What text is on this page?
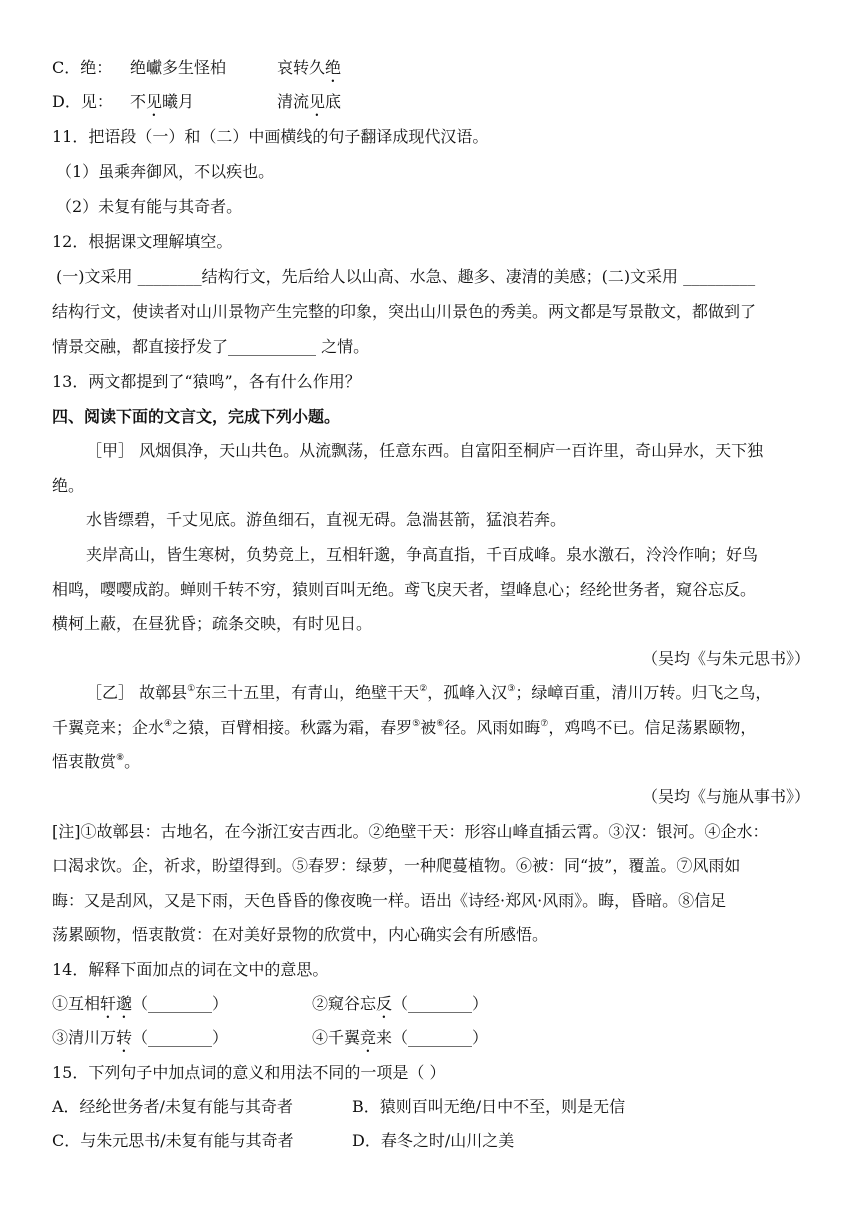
C．绝： 绝巘多生怪柏	哀转久绝
D．见： 不见曦月	清流见底
11．把语段（一）和（二）中画横线的句子翻译成现代汉语。
（1）虽乘奔御风，不以疾也。
（2）未复有能与其奇者。
12．根据课文理解填空。
(一)文采用 ________结构行文，先后给人以山高、水急、趣多、凄清的美感；(二)文采用 _________
结构行文，使读者对山川景物产生完整的印象，突出山川景色的秀美。两文都是写景散文，都做到了
情景交融，都直接抒发了___________ 之情。
13．两文都提到了“猿鸣”，各有什么作用？
四、阅读下面的文言文，完成下列小题。
［甲］ 风烟俱净，天山共色。从流飘荡，任意东西。自富阳至桐庐一百许里，奇山异水，天下独
绝。
水皆缥碧，千丈见底。游鱼细石，直视无碍。急湍甚箭，猛浪若奔。
夹岸高山，皆生寒树，负势竞上，互相轩邈，争高直指，千百成峰。泉水激石，泠泠作响；好鸟
相鸣，嘤嘤成韵。蝉则千转不穷，猿则百叫无绝。鸢飞戾天者，望峰息心；经纶世务者，窥谷忘反。
横柯上蔽，在昼犹昏；疏条交映，有时见日。
（吴均《与朱元思书》）
［乙］ 故鄣县①东三十五里，有青山，绝壁干天②，孤峰入汉③；绿嶂百重，清川万转。归飞之鸟，
千翼竞来；企水④之猿，百臂相接。秋露为霜，春罗⑤被⑥径。风雨如晦⑦，鸡鸣不已。信足荡累颐物，
悟衷散赏⑧。
（吴均《与施从事书》）
[注]①故鄣县：古地名，在今浙江安吉西北。②绝壁干天：形容山峰直插云霄。③汉：银河。④企水：
口渴求饮。企，祈求，盼望得到。⑤春罗：绿萝，一种爬蔓植物。⑥被：同“披”，覆盖。⑦风雨如
晦：又是刮风，又是下雨，天色昏昏的像夜晚一样。语出《诗经·郑风·风雨》。晦，昏暗。⑧信足
荡累颐物，悟衷散赏：在对美好景物的欣赏中，内心确实会有所感悟。
14．解释下面加点的词在文中的意思。
①互相轩邈（________）	②窥谷忘反（________）
③清川万转（________）	④千翼竞来（________）
15．下列句子中加点词的意义和用法不同的一项是（ ）
A．经纶世务者/未复有能与其奇者	B．猿则百叫无绝/日中不至，则是无信
C．与朱元思书/未复有能与其奇者	D．春冬之时/山川之美
